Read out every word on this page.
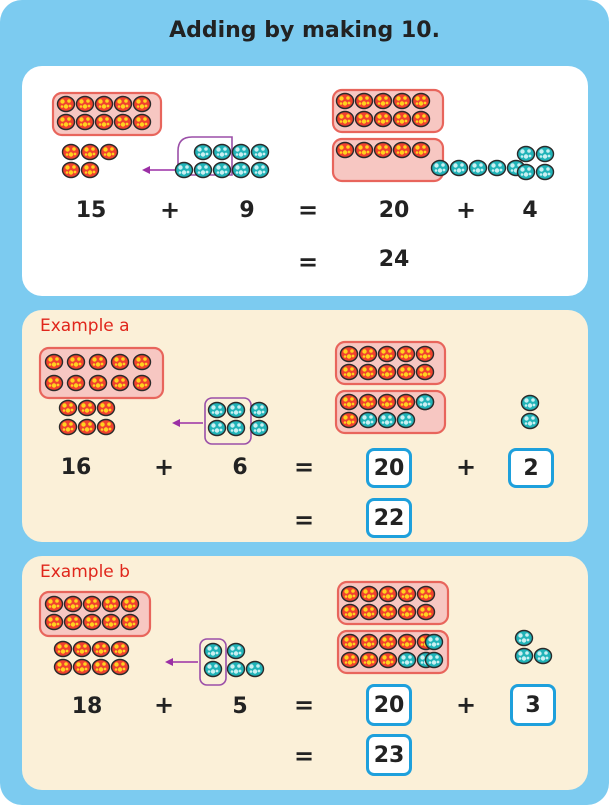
Adding by making 10.
15	+	9	=	20	+	4
=	24
Example a
16	+	6	=	20	+	2
=	22
Example b
18	+	5	=	20	+	3
=	23
